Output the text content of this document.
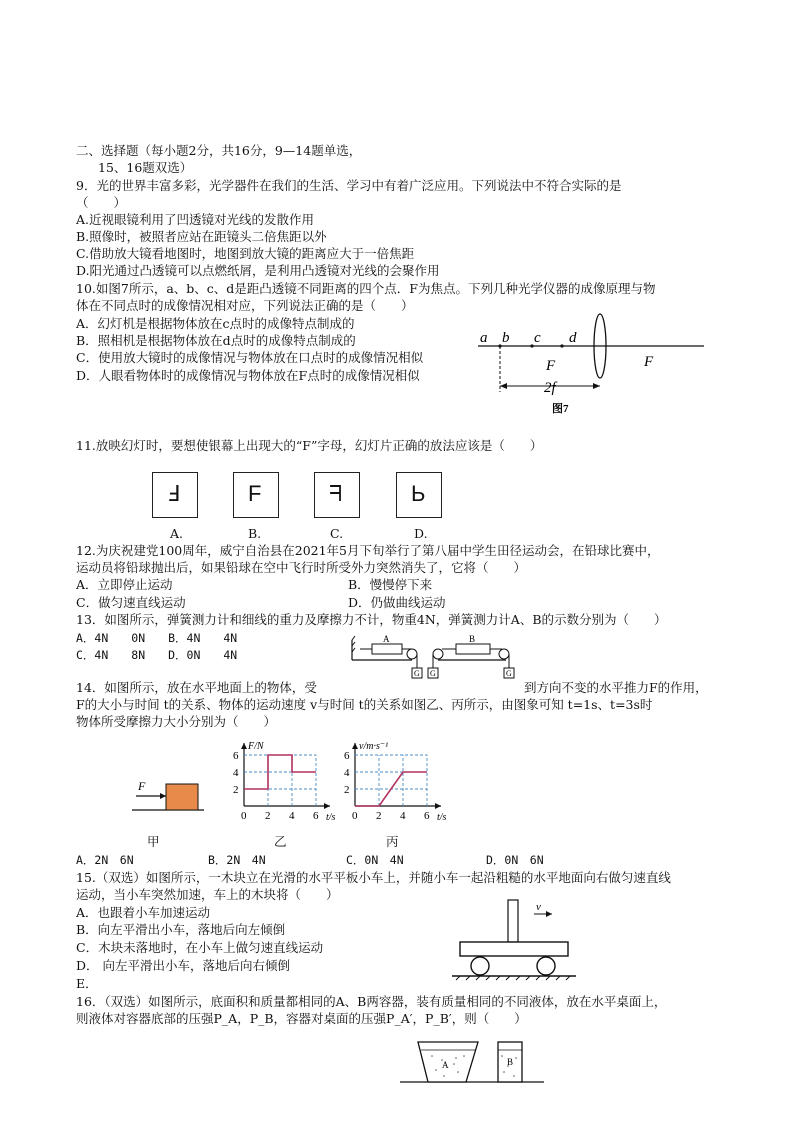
二、选择题（每小题2分，共16分，9—14题单选，
15、16题双选）
9．光的世界丰富多彩，光学器件在我们的生活、学习中有着广泛应用。下列说法中不符合实际的是
（　　）
A.近视眼镜利用了凹透镜对光线的发散作用
B.照像时，被照者应站在距镜头二倍焦距以外
C.借助放大镜看地图时，地图到放大镜的距离应大于一倍焦距
D.阳光通过凸透镜可以点燃纸屑，是利用凸透镜对光线的会聚作用
10.如图7所示，a、b、c、d是距凸透镜不同距离的四个点．F为焦点。下列几种光学仪器的成像原理与物
体在不同点时的成像情况相对应，下列说法正确的是（　　）
A．幻灯机是根据物体放在c点时的成像特点制成的
B．照相机是根据物体放在d点时的成像特点制成的
C．使用放大镜时的成像情况与物体放在口点时的成像情况相似
D．人眼看物体时的成像情况与物体放在F点时的成像情况相似
a b c d
F	F
2f
图7
11.放映幻灯时，要想使银幕上出现大的“F”字母，幻灯片正确的放法应该是（　　）
Ⅎ	F	ᖷ	Ь
A.	B.	C.	D.
12.为庆祝建党100周年，威宁自治县在2021年5月下旬举行了第八届中学生田径运动会，在铅球比赛中，
运动员将铅球抛出后，如果铅球在空中飞行时所受外力突然消失了，它将（　　）
A．立即停止运动	B．慢慢停下来
C．做匀速直线运动	D．仍做曲线运动
13．如图所示，弹簧测力计和细线的重力及摩擦力不计，物重4N，弹簧测力计A、B的示数分别为（　　）
A．4N　　0N　　B．4N　　4N
C．4N　　8N　　D．0N　　4N
A
G G
B
G
14．如图所示，放在水平地面上的物体，受	到方向不变的水平推力F的作用，
F的大小与时间 t的关系、物体的运动速度 v与时间 t的关系如图乙、丙所示，由图象可知 t=1s、t=3s时
物体所受摩擦力大小分别为（　　）
F
0 2 4 6
2
4
6
t/s
F/N
0 2 4 6
2
4
6
t/s
v/m·s⁻¹
甲	乙	丙
A．2N　6N	B．2N　4N	C．0N　4N	D．0N　6N
15.（双选）如图所示，一木块立在光滑的水平平板小车上，并随小车一起沿粗糙的水平地面向右做匀速直线
运动，当小车突然加速，车上的木块将（　　）
A．也跟着小车加速运动
B．向左平滑出小车，落地后向左倾倒
C．木块未落地时，在小车上做匀速直线运动
D． 向左平滑出小车，落地后向右倾倒
E．
v
16．（双选）如图所示，底面积和质量都相同的A、B两容器，装有质量相同的不同液体，放在水平桌面上，
则液体对容器底部的压强P_A，P_B，容器对桌面的压强P_A′，P_B′，则（　　）
A	B
